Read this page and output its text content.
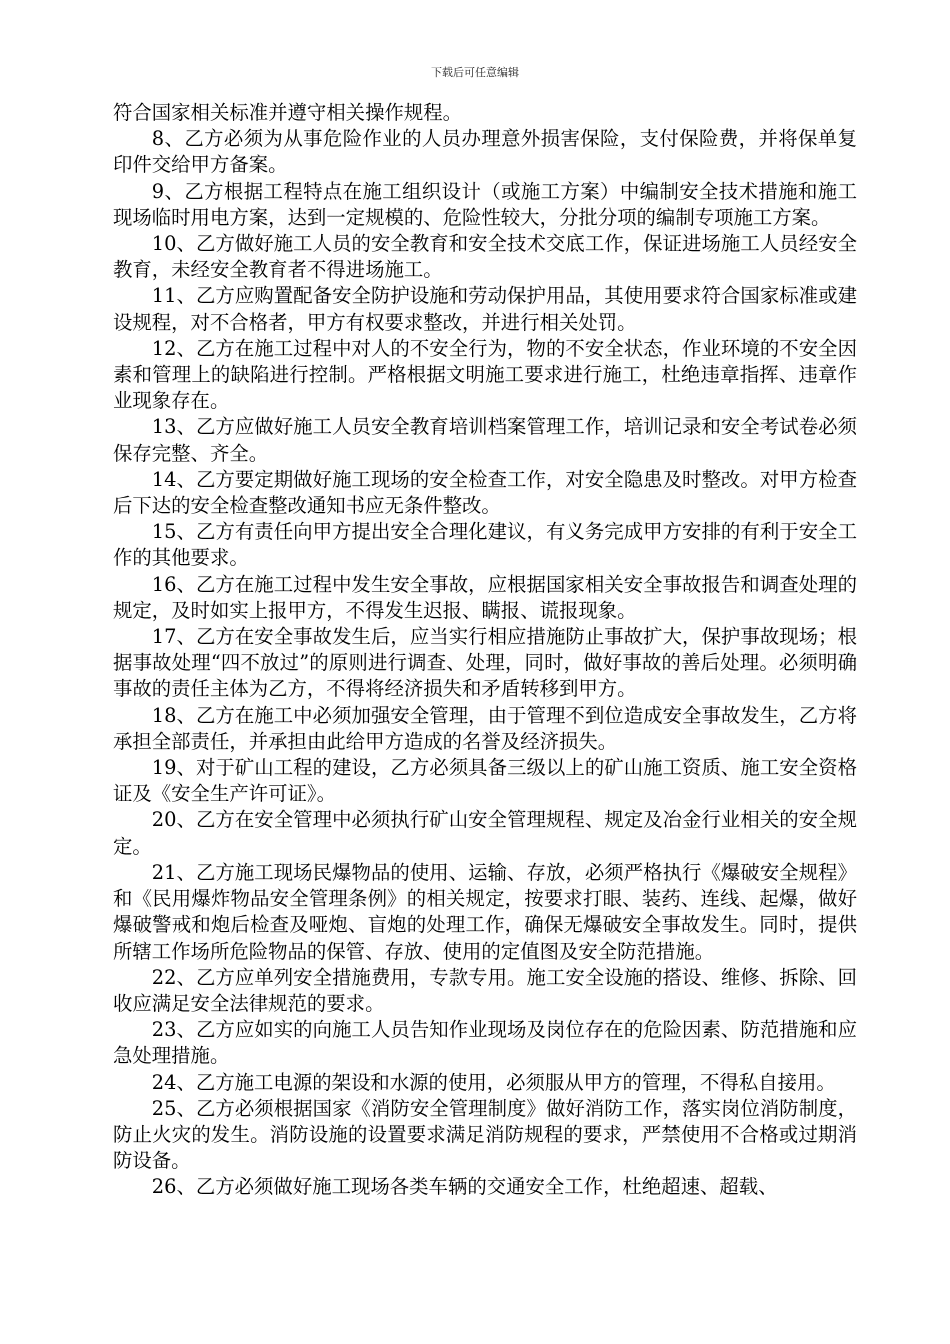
下载后可任意编辑

符合国家相关标准并遵守相关操作规程。

8、乙方必须为从事危险作业的人员办理意外损害保险，支付保险费，并将保单复印件交给甲方备案。

9、乙方根据工程特点在施工组织设计（或施工方案）中编制安全技术措施和施工现场临时用电方案，达到一定规模的、危险性较大，分批分项的编制专项施工方案。

10、乙方做好施工人员的安全教育和安全技术交底工作，保证进场施工人员经安全教育，未经安全教育者不得进场施工。

11、乙方应购置配备安全防护设施和劳动保护用品，其使用要求符合国家标准或建设规程，对不合格者，甲方有权要求整改，并进行相关处罚。

12、乙方在施工过程中对人的不安全行为，物的不安全状态，作业环境的不安全因素和管理上的缺陷进行控制。严格根据文明施工要求进行施工，杜绝违章指挥、违章作业现象存在。

13、乙方应做好施工人员安全教育培训档案管理工作，培训记录和安全考试卷必须保存完整、齐全。

14、乙方要定期做好施工现场的安全检查工作，对安全隐患及时整改。对甲方检查后下达的安全检查整改通知书应无条件整改。

15、乙方有责任向甲方提出安全合理化建议，有义务完成甲方安排的有利于安全工作的其他要求。

16、乙方在施工过程中发生安全事故，应根据国家相关安全事故报告和调查处理的规定，及时如实上报甲方，不得发生迟报、瞒报、谎报现象。

17、乙方在安全事故发生后，应当实行相应措施防止事故扩大，保护事故现场；根据事故处理“四不放过”的原则进行调查、处理，同时，做好事故的善后处理。必须明确事故的责任主体为乙方，不得将经济损失和矛盾转移到甲方。

18、乙方在施工中必须加强安全管理，由于管理不到位造成安全事故发生，乙方将承担全部责任，并承担由此给甲方造成的名誉及经济损失。

19、对于矿山工程的建设，乙方必须具备三级以上的矿山施工资质、施工安全资格证及《安全生产许可证》。

20、乙方在安全管理中必须执行矿山安全管理规程、规定及冶金行业相关的安全规定。

21、乙方施工现场民爆物品的使用、运输、存放，必须严格执行《爆破安全规程》和《民用爆炸物品安全管理条例》的相关规定，按要求打眼、装药、连线、起爆，做好爆破警戒和炮后检查及哑炮、盲炮的处理工作，确保无爆破安全事故发生。同时，提供所辖工作场所危险物品的保管、存放、使用的定值图及安全防范措施。

22、乙方应单列安全措施费用，专款专用。施工安全设施的搭设、维修、拆除、回收应满足安全法律规范的要求。

23、乙方应如实的向施工人员告知作业现场及岗位存在的危险因素、防范措施和应急处理措施。

24、乙方施工电源的架设和水源的使用，必须服从甲方的管理，不得私自接用。

25、乙方必须根据国家《消防安全管理制度》做好消防工作，落实岗位消防制度，防止火灾的发生。消防设施的设置要求满足消防规程的要求，严禁使用不合格或过期消防设备。

26、乙方必须做好施工现场各类车辆的交通安全工作，杜绝超速、超载、
